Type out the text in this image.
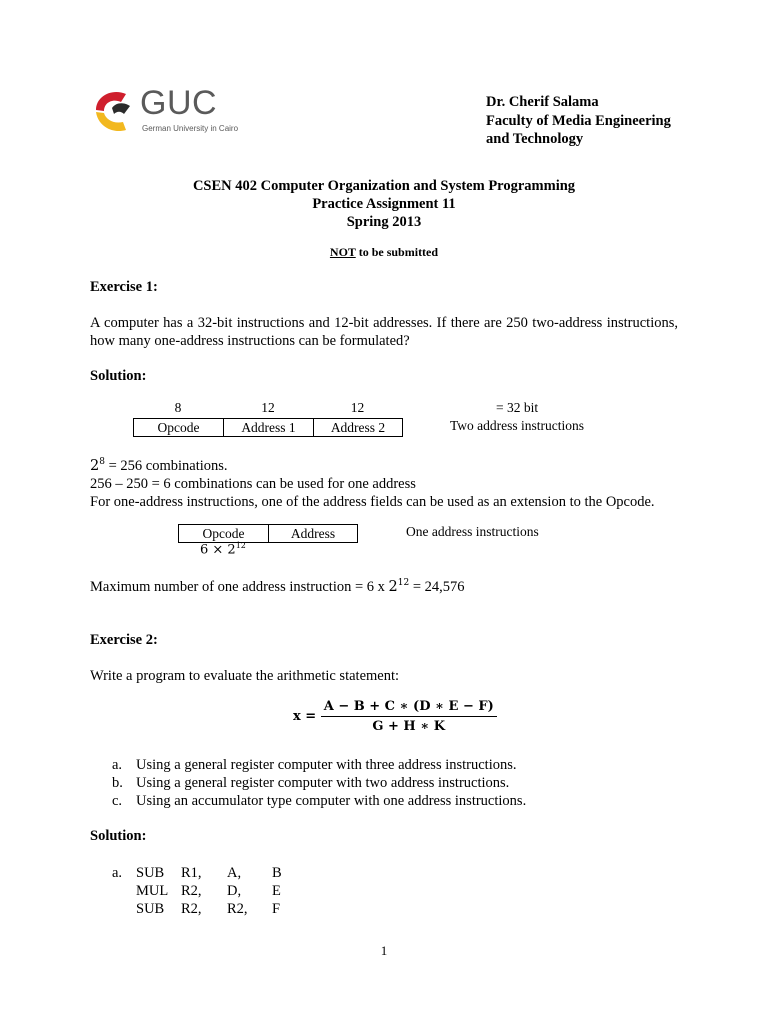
GUC
German University in Cairo
Dr. Cherif Salama
Faculty of Media Engineering
and Technology
CSEN 402 Computer Organization and System Programming
Practice Assignment 11
Spring 2013
NOT to be submitted
Exercise 1:
A computer has a 32-bit instructions and 12-bit addresses. If there are 250 two-address instructions, how many one-address instructions can be formulated?
Solution:
8	12	12	= 32 bit
Opcode	Address 1	Address 2	Two address instructions
$2^8 = 256$ combinations.
256 – 250 = 6 combinations can be used for one address
For one-address instructions, one of the address fields can be used as an extension to the Opcode.
Opcode	Address	One address instructions
$6 \times 2^{12}$
Maximum number of one address instruction = 6 x $2^{12} = 24,576$
Exercise 2:
Write a program to evaluate the arithmetic statement:
$x = \frac{A - B + C ∗ (D ∗ E - F)}{G + H ∗ K}$
a. Using a general register computer with three address instructions.
b. Using a general register computer with two address instructions.
c. Using an accumulator type computer with one address instructions.
Solution:
a. SUB R1, A, B
MUL R2, D, E
SUB R2, R2, F
1
